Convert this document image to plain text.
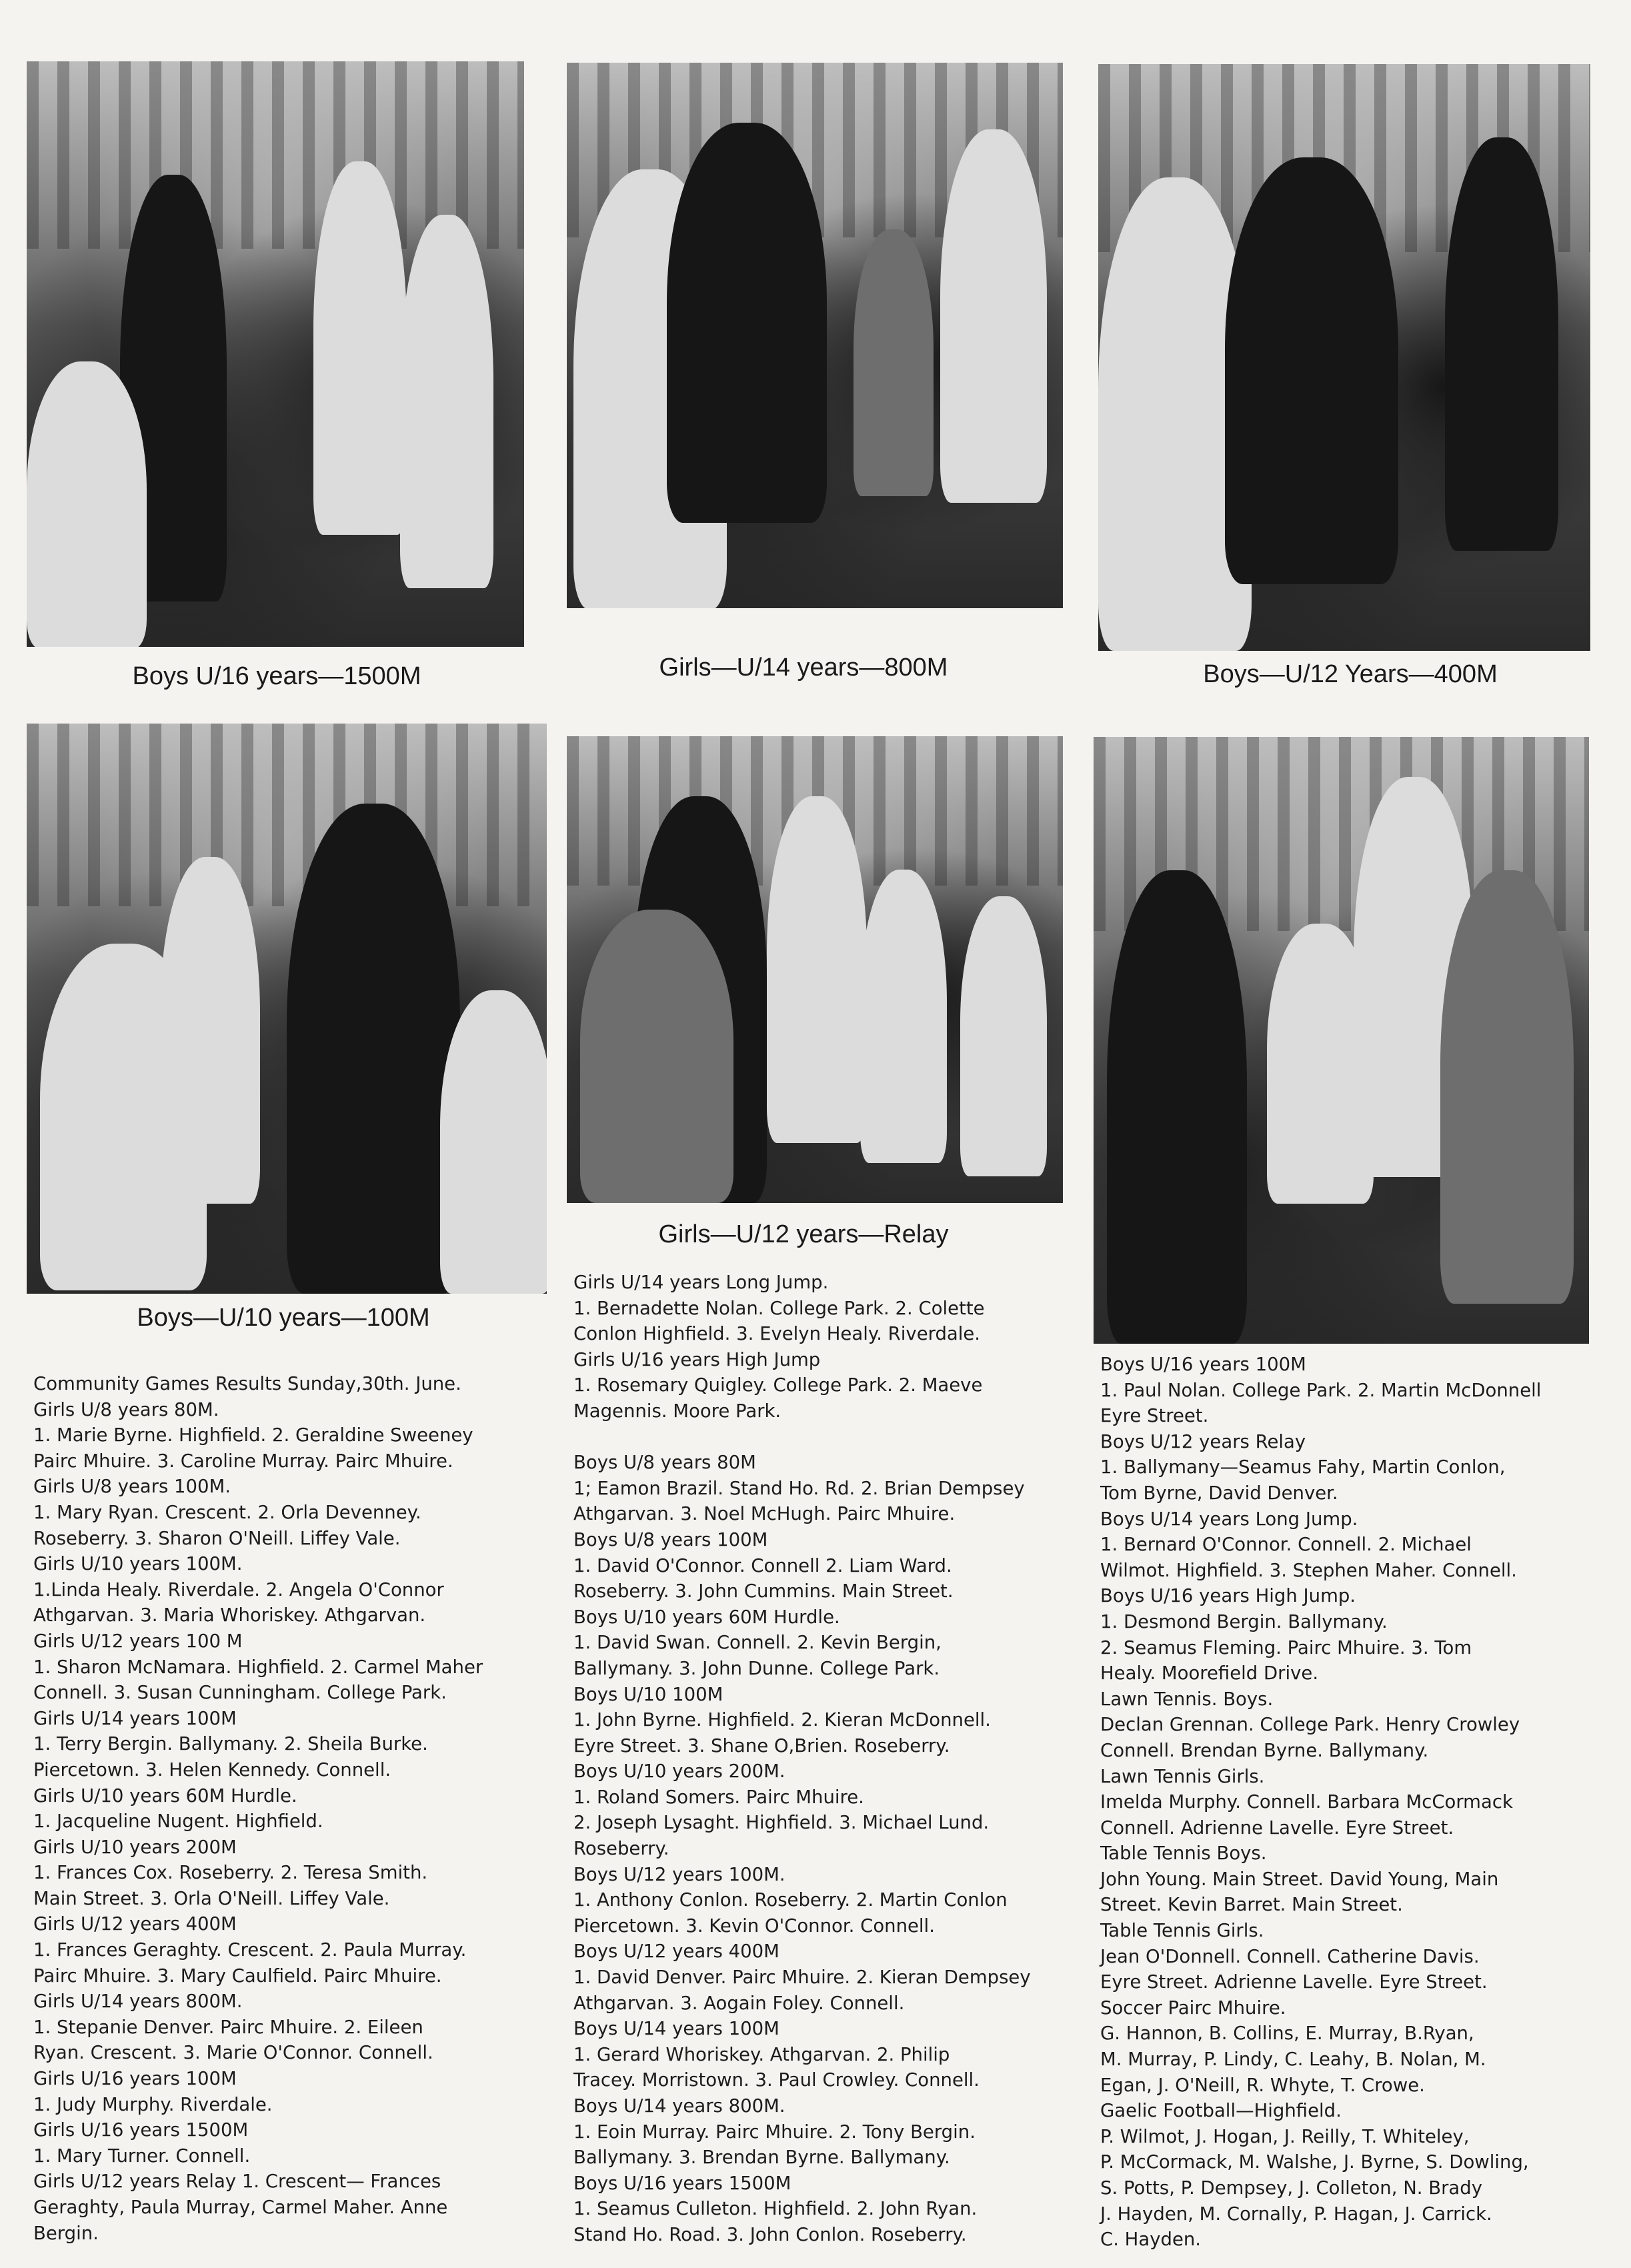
Boys U/16 years—1500M	Girls—U/14 years—800M	Boys—U/12 Years—400M
Boys—U/10 years—100M
Girls—U/12 years—Relay
Community Games Results Sunday,30th. June.
Girls U/8 years 80M.
1. Marie Byrne. Highfield. 2. Geraldine Sweeney
Pairc Mhuire. 3. Caroline Murray. Pairc Mhuire.
Girls U/8 years 100M.
1. Mary Ryan. Crescent. 2. Orla Devenney.
Roseberry. 3. Sharon O'Neill. Liffey Vale.
Girls U/10 years 100M.
1.Linda Healy. Riverdale. 2. Angela O'Connor
Athgarvan. 3. Maria Whoriskey. Athgarvan.
Girls U/12 years 100 M
1. Sharon McNamara. Highfield. 2. Carmel Maher
Connell. 3. Susan Cunningham. College Park.
Girls U/14 years 100M
1. Terry Bergin. Ballymany. 2. Sheila Burke.
Piercetown. 3. Helen Kennedy. Connell.
Girls U/10 years 60M Hurdle.
1. Jacqueline Nugent. Highfield.
Girls U/10 years 200M
1. Frances Cox. Roseberry. 2. Teresa Smith.
Main Street. 3. Orla O'Neill. Liffey Vale.
Girls U/12 years 400M
1. Frances Geraghty. Crescent. 2. Paula Murray.
Pairc Mhuire. 3. Mary Caulfield. Pairc Mhuire.
Girls U/14 years 800M.
1. Stepanie Denver. Pairc Mhuire. 2. Eileen
Ryan. Crescent. 3. Marie O'Connor. Connell.
Girls U/16 years 100M
1. Judy Murphy. Riverdale.
Girls U/16 years 1500M
1. Mary Turner. Connell.
Girls U/12 years Relay 1. Crescent— Frances
Geraghty, Paula Murray, Carmel Maher. Anne
Bergin.
Girls U/14 years Long Jump.
1. Bernadette Nolan. College Park. 2. Colette
Conlon Highfield. 3. Evelyn Healy. Riverdale.
Girls U/16 years High Jump
1. Rosemary Quigley. College Park. 2. Maeve
Magennis. Moore Park.
Boys U/8 years 80M
1; Eamon Brazil. Stand Ho. Rd. 2. Brian Dempsey
Athgarvan. 3. Noel McHugh. Pairc Mhuire.
Boys U/8 years 100M
1. David O'Connor. Connell 2. Liam Ward.
Roseberry. 3. John Cummins. Main Street.
Boys U/10 years 60M Hurdle.
1. David Swan. Connell. 2. Kevin Bergin,
Ballymany. 3. John Dunne. College Park.
Boys U/10 100M
1. John Byrne. Highfield. 2. Kieran McDonnell.
Eyre Street. 3. Shane O,Brien. Roseberry.
Boys U/10 years 200M.
1. Roland Somers. Pairc Mhuire.
2. Joseph Lysaght. Highfield. 3. Michael Lund.
Roseberry.
Boys U/12 years 100M.
1. Anthony Conlon. Roseberry. 2. Martin Conlon
Piercetown. 3. Kevin O'Connor. Connell.
Boys U/12 years 400M
1. David Denver. Pairc Mhuire. 2. Kieran Dempsey
Athgarvan. 3. Aogain Foley. Connell.
Boys U/14 years 100M
1. Gerard Whoriskey. Athgarvan. 2. Philip
Tracey. Morristown. 3. Paul Crowley. Connell.
Boys U/14 years 800M.
1. Eoin Murray. Pairc Mhuire. 2. Tony Bergin.
Ballymany. 3. Brendan Byrne. Ballymany.
Boys U/16 years 1500M
1. Seamus Culleton. Highfield. 2. John Ryan.
Stand Ho. Road. 3. John Conlon. Roseberry.
Boys U/16 years 100M
1. Paul Nolan. College Park. 2. Martin McDonnell
Eyre Street.
Boys U/12 years Relay
1. Ballymany—Seamus Fahy, Martin Conlon,
Tom Byrne, David Denver.
Boys U/14 years Long Jump.
1. Bernard O'Connor. Connell. 2. Michael
Wilmot. Highfield. 3. Stephen Maher. Connell.
Boys U/16 years High Jump.
1. Desmond Bergin. Ballymany.
2. Seamus Fleming. Pairc Mhuire. 3. Tom
Healy. Moorefield Drive.
Lawn Tennis. Boys.
Declan Grennan. College Park. Henry Crowley
Connell. Brendan Byrne. Ballymany.
Lawn Tennis Girls.
Imelda Murphy. Connell. Barbara McCormack
Connell. Adrienne Lavelle. Eyre Street.
Table Tennis Boys.
John Young. Main Street. David Young, Main
Street. Kevin Barret. Main Street.
Table Tennis Girls.
Jean O'Donnell. Connell. Catherine Davis.
Eyre Street. Adrienne Lavelle. Eyre Street.
Soccer Pairc Mhuire.
G. Hannon, B. Collins, E. Murray, B.Ryan,
M. Murray, P. Lindy, C. Leahy, B. Nolan, M.
Egan, J. O'Neill, R. Whyte, T. Crowe.
Gaelic Football—Highfield.
P. Wilmot, J. Hogan, J. Reilly, T. Whiteley,
P. McCormack, M. Walshe, J. Byrne, S. Dowling,
S. Potts, P. Dempsey, J. Colleton, N. Brady
J. Hayden, M. Cornally, P. Hagan, J. Carrick.
C. Hayden.
